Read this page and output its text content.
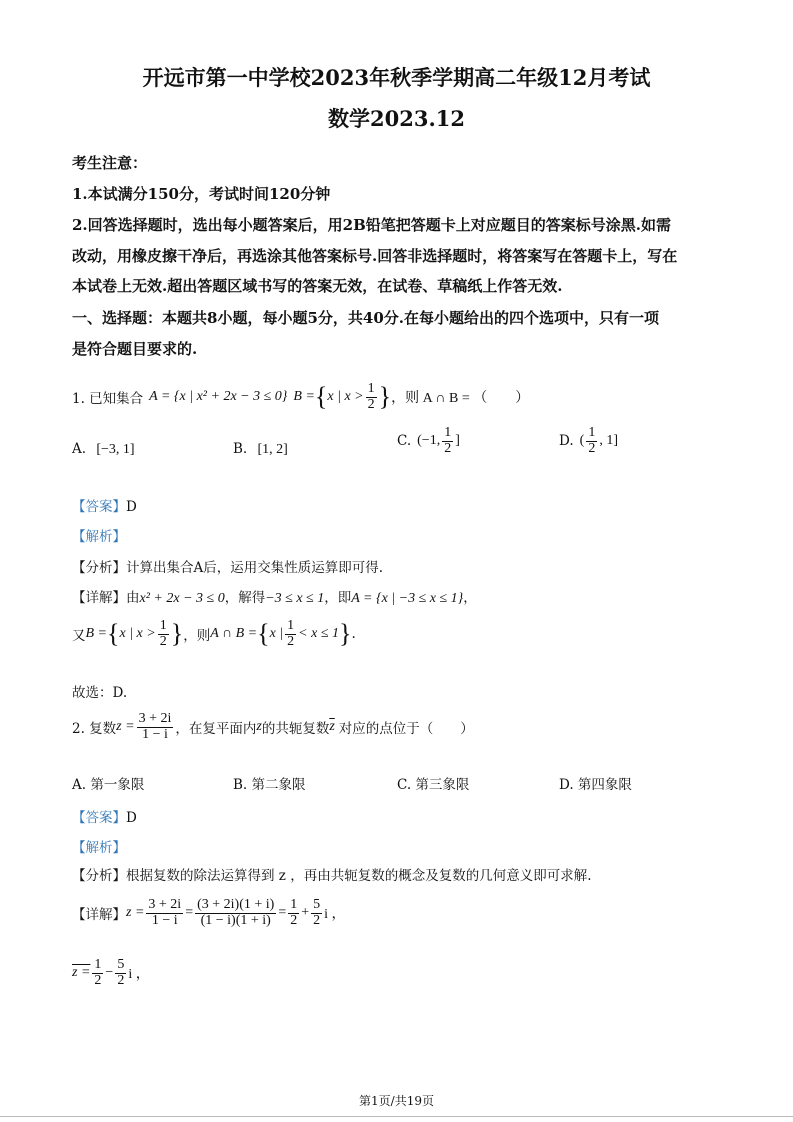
开远市第一中学校2023年秋季学期高二年级12月考试
数学2023.12
考生注意：
1.本试满分150分，考试时间120分钟
2.回答选择题时，选出每小题答案后，用2B铅笔把答题卡上对应题目的答案标号涂黑.如需
改动，用橡皮擦干净后，再选涂其他答案标号.回答非选择题时，将答案写在答题卡上，写在
本试卷上无效.超出答题区域书写的答案无效，在试卷、草稿纸上作答无效.
一、选择题：本题共8小题，每小题5分，共40分.在每小题给出的四个选项中，只有一项
是符合题目要求的.
1. 已知集合 A = {x | x² + 2x − 3 ≤ 0} B = { x | $x > \frac{1}{2}$ } ，则 A ∩ B = （　　）
A. [−3, 1]	B. [1, 2]
C. (−1, $\frac{1}{2}$ ]	D. ( $\frac{1}{2}$ , 1]
【答案】D
【解析】
【分析】计算出集合A后，运用交集性质运算即可得.
【详解】由x² + 2x − 3 ≤ 0，解得−3 ≤ x ≤ 1，即A = {x | −3 ≤ x ≤ 1}，
又 B = { x | $x > \frac{1}{2}$ } ，则 A ∩ B = { x | $\frac{1}{2} < x \le 1$ } .
故选：D.
2. 复数 $z = \frac{3 + 2i}{1 - i}$ ，在复平面内 z 的共轭复数 $\overline{z}$ 对应的点位于（　　）
A. 第一象限	B. 第二象限	C. 第三象限	D. 第四象限
【答案】D
【解析】
【分析】根据复数的除法运算得到 z ，再由共轭复数的概念及复数的几何意义即可求解.
【详解】 $z = \frac{3 + 2i}{1 - i} = \frac{(3 + 2i)(1 + i)}{(1 - i)(1 + i)} = \frac{1}{2} + \frac{5}{2}$ i ，
$z = \frac{1}{2} - \frac{5}{2}$ i ，
第1页/共19页
